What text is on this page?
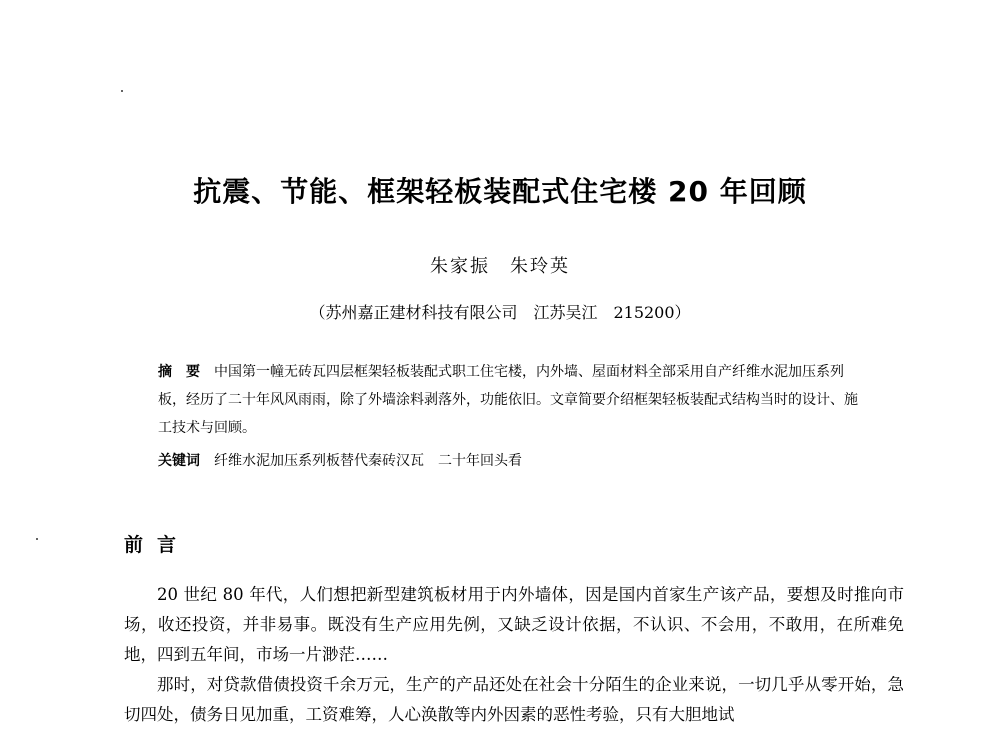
抗震、节能、框架轻板装配式住宅楼 20 年回顾
朱家振　朱玲英
（苏州嘉正建材科技有限公司　江苏吴江　215200）
摘　要 中国第一幢无砖瓦四层框架轻板装配式职工住宅楼，内外墙、屋面材料全部采用自产纤维水泥加压系列板，经历了二十年风风雨雨，除了外墙涂料剥落外，功能依旧。文章简要介绍框架轻板装配式结构当时的设计、施工技术与回顾。
关键词 纤维水泥加压系列板替代秦砖汉瓦　二十年回头看
前言

20 世纪 80 年代，人们想把新型建筑板材用于内外墙体，因是国内首家生产该产品，要想及时推向市场，收还投资，并非易事。既没有生产应用先例，又缺乏设计依据，不认识、不会用，不敢用，在所难免地，四到五年间，市场一片渺茫……

那时，对贷款借债投资千余万元，生产的产品还处在社会十分陌生的企业来说，一切几乎从零开始，急切四处，债务日见加重，工资难筹，人心涣散等内外因素的恶性考验，只有大胆地试
